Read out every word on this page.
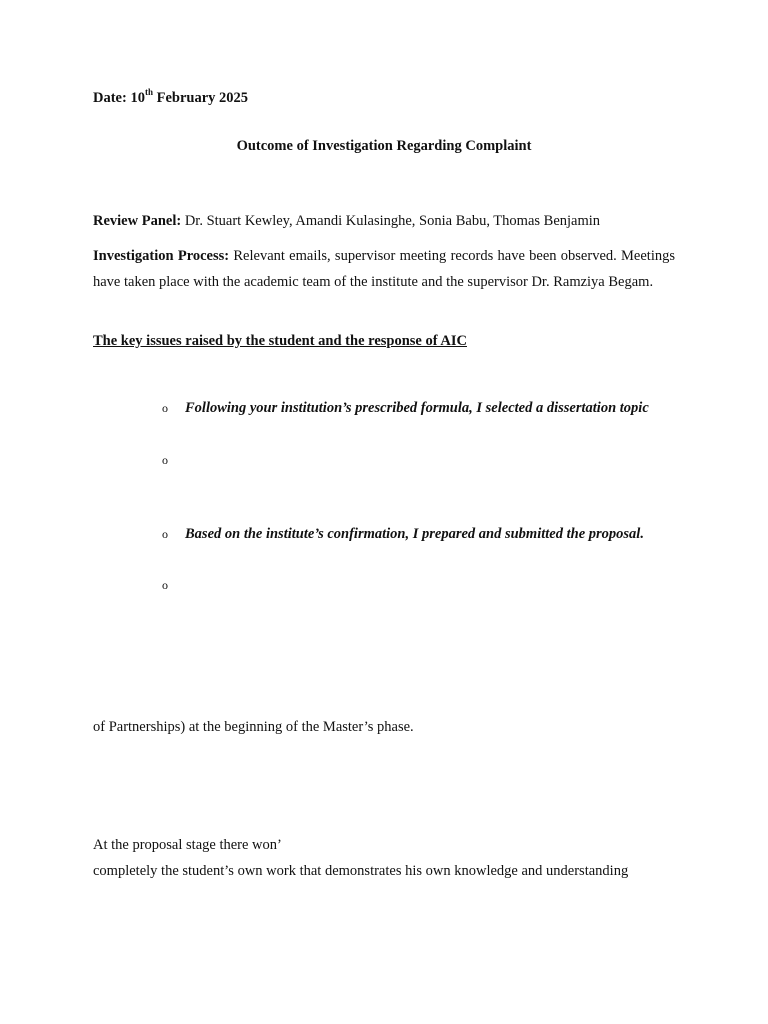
Date: 10th February 2025
Outcome of Investigation Regarding Complaint
Review Panel: Dr. Stuart Kewley, Amandi Kulasinghe, Sonia Babu, Thomas Benjamin
Investigation Process: Relevant emails, supervisor meeting records have been observed. Meetings have taken place with the academic team of the institute and the supervisor Dr. Ramziya Begam.
The key issues raised by the student and the response of AIC
o Following your institution’s prescribed formula, I selected a dissertation topic
o
o Based on the institute’s confirmation, I prepared and submitted the proposal.
o
of Partnerships) at the beginning of the Master’s phase.
At the proposal stage there won’
completely the student’s own work that demonstrates his own knowledge and understanding
